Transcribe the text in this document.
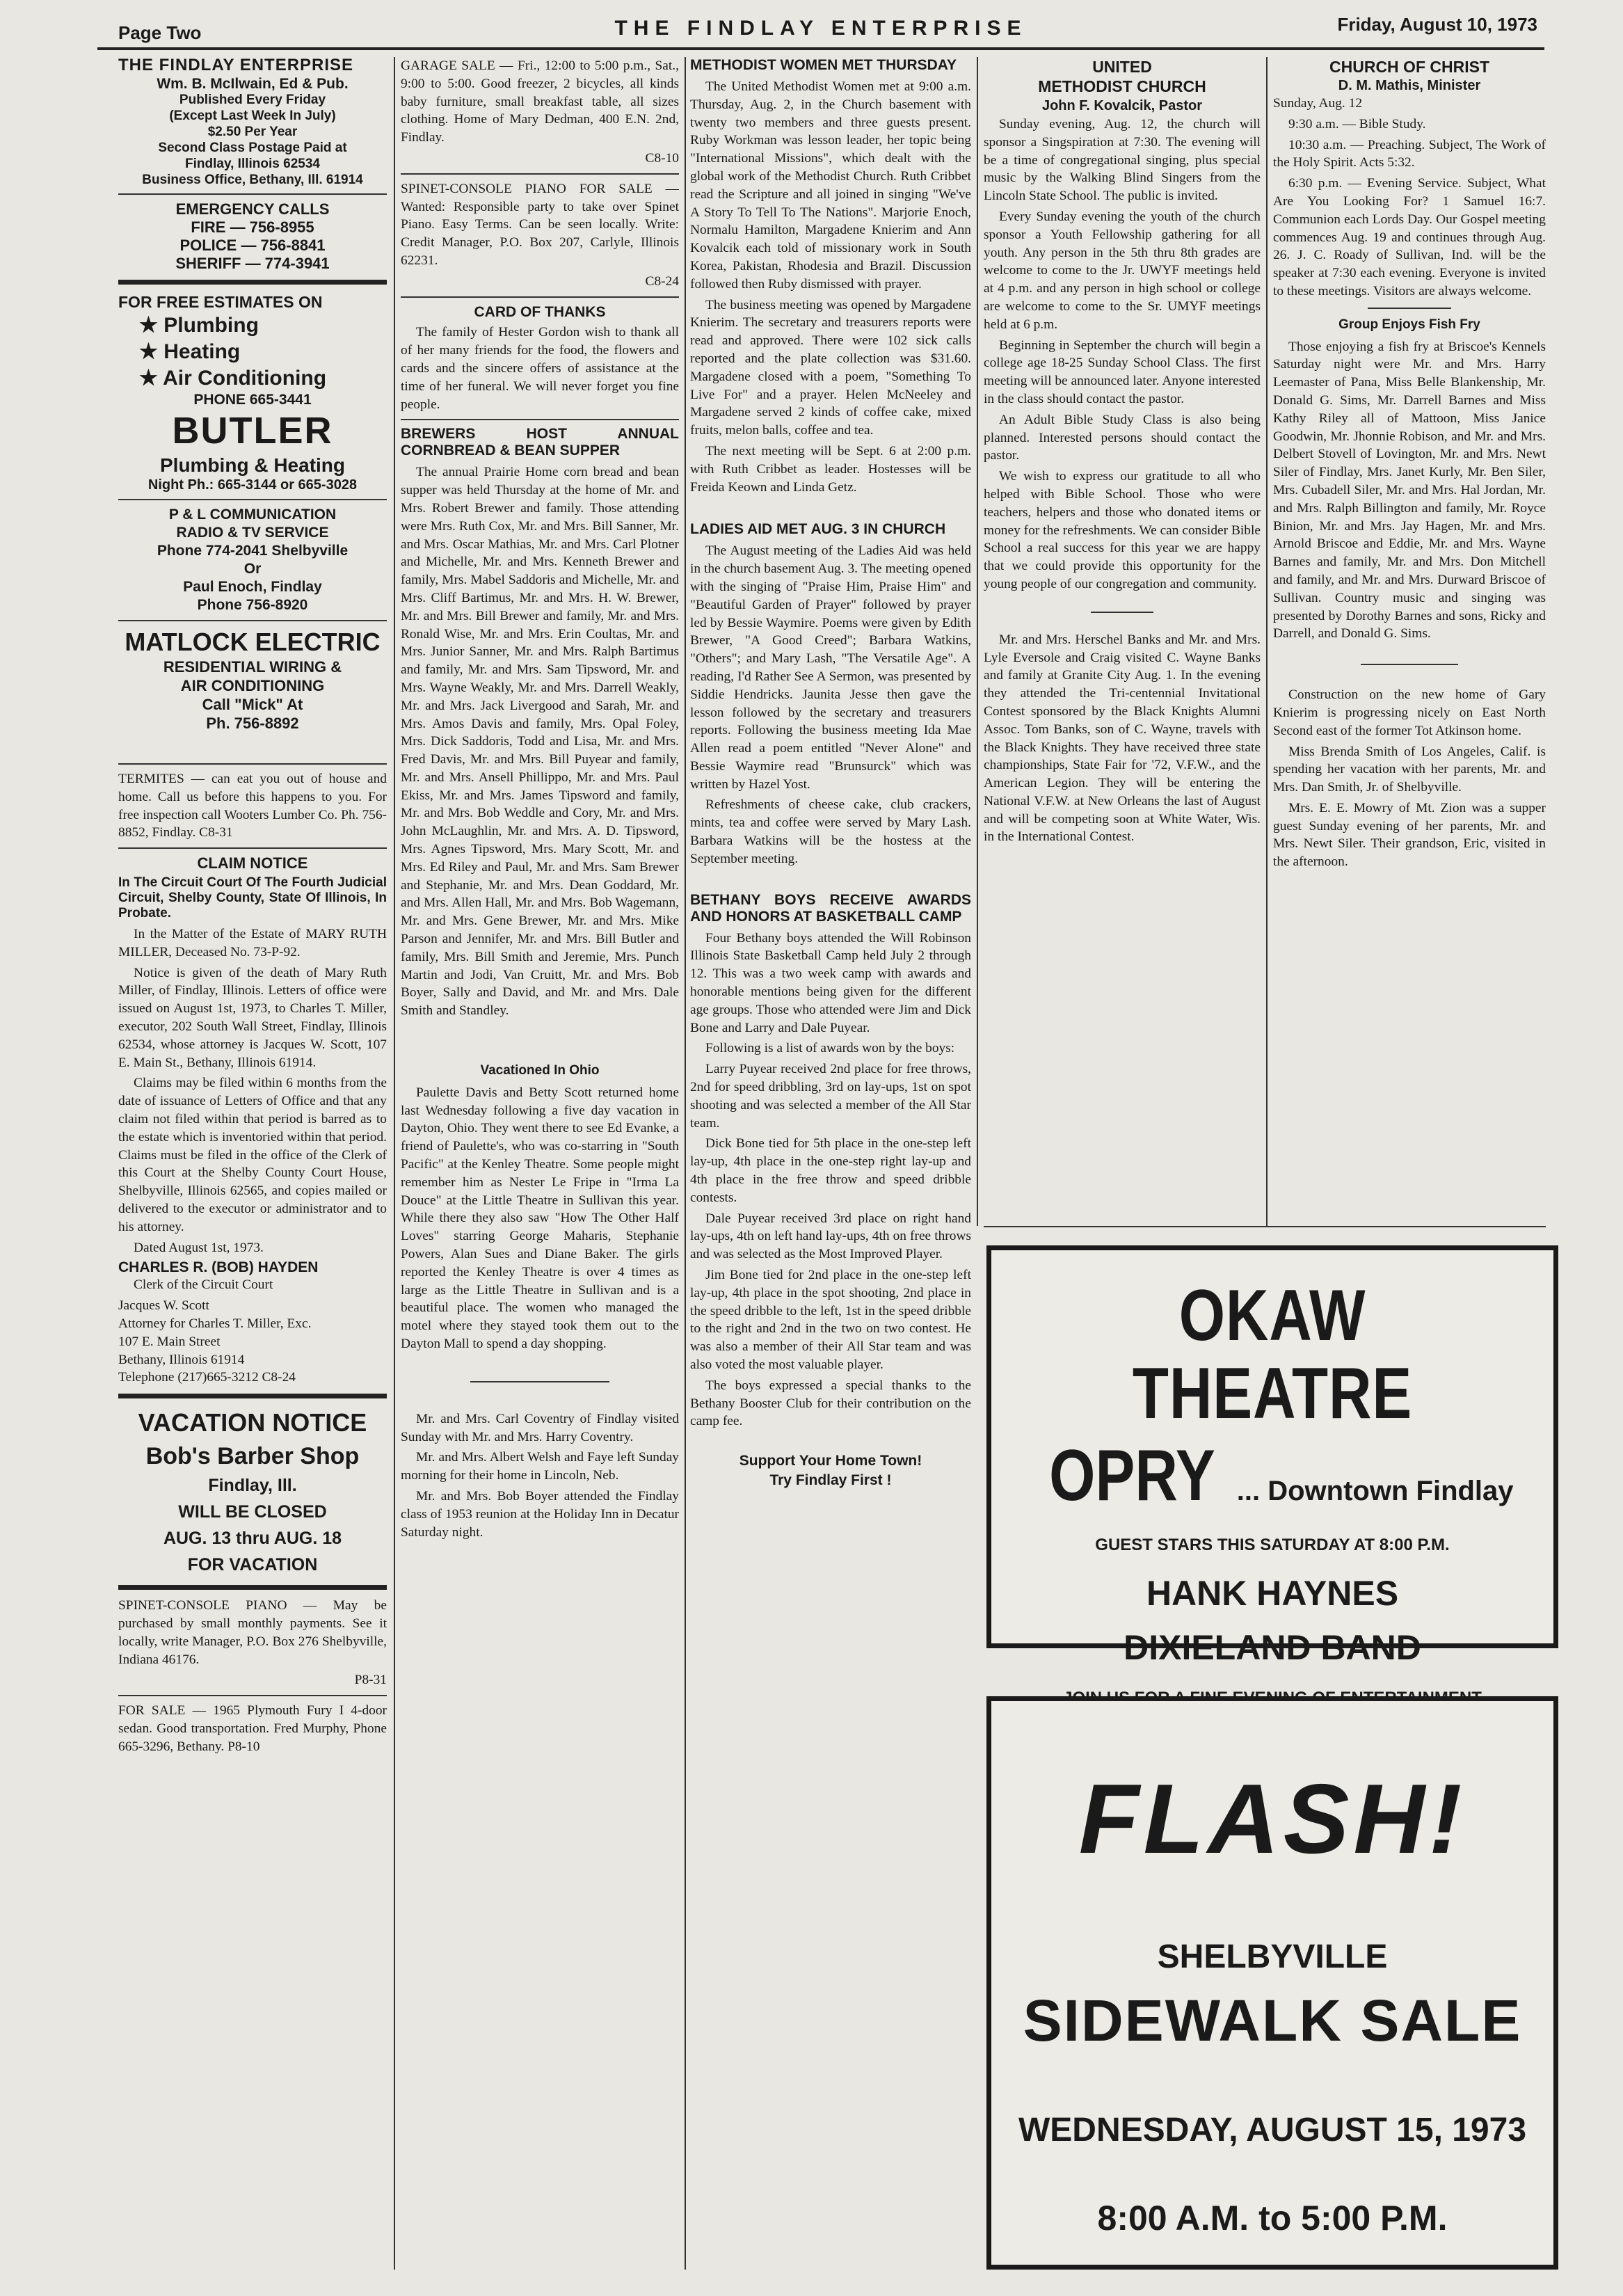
Page Two	THE FINDLAY ENTERPRISE	Friday, August 10, 1973
THE FINDLAY ENTERPRISE
Wm. B. McIlwain, Ed & Pub.
Published Every Friday
(Except Last Week In July)
$2.50 Per Year
Second Class Postage Paid at
Findlay, Illinois 62534
Business Office, Bethany, Ill. 61914
EMERGENCY CALLS
FIRE — 756-8955
POLICE — 756-8841
SHERIFF — 774-3941
FOR FREE ESTIMATES ON
★ Plumbing
★ Heating
★ Air Conditioning
PHONE 665-3441
BUTLER
Plumbing & Heating
Night Ph.: 665-3144 or 665-3028
P & L COMMUNICATION
RADIO & TV SERVICE
Phone 774-2041 Shelbyville
Or
Paul Enoch, Findlay
Phone 756-8920
MATLOCK ELECTRIC
RESIDENTIAL WIRING &
AIR CONDITIONING
Call "Mick" At
Ph. 756-8892

TERMITES — can eat you out of house and home. Call us before this happens to you. For free inspection call Wooters Lumber Co. Ph. 756-8852, Findlay. C8-31

CLAIM NOTICE
In The Circuit Court Of The Fourth Judicial Circuit, Shelby County, State Of Illinois, In Probate.

In the Matter of the Estate of MARY RUTH MILLER, Deceased No. 73-P-92.

Notice is given of the death of Mary Ruth Miller, of Findlay, Illinois. Letters of office were issued on August 1st, 1973, to Charles T. Miller, executor, 202 South Wall Street, Findlay, Illinois 62534, whose attorney is Jacques W. Scott, 107 E. Main St., Bethany, Illinois 61914.

Claims may be filed within 6 months from the date of issuance of Letters of Office and that any claim not filed within that period is barred as to the estate which is inventoried within that period. Claims must be filed in the office of the Clerk of this Court at the Shelby County Court House, Shelbyville, Illinois 62565, and copies mailed or delivered to the executor or administrator and to his attorney.

Dated August 1st, 1973.

CHARLES R. (BOB) HAYDEN

Clerk of the Circuit Court

Jacques W. Scott

Attorney for Charles T. Miller, Exc.

107 E. Main Street

Bethany, Illinois 61914

Telephone (217)665-3212 C8-24

VACATION NOTICE
Bob's Barber Shop
Findlay, Ill.
WILL BE CLOSED
AUG. 13 thru AUG. 18
FOR VACATION

SPINET-CONSOLE PIANO — May be purchased by small monthly payments. See it locally, write Manager, P.O. Box 276 Shelbyville, Indiana 46176.

P8-31

FOR SALE — 1965 Plymouth Fury I 4-door sedan. Good transportation. Fred Murphy, Phone 665-3296, Bethany. P8-10

GARAGE SALE — Fri., 12:00 to 5:00 p.m., Sat., 9:00 to 5:00. Good freezer, 2 bicycles, all kinds baby furniture, small breakfast table, all sizes clothing. Home of Mary Dedman, 400 E.N. 2nd, Findlay.

C8-10

SPINET-CONSOLE PIANO FOR SALE — Wanted: Responsible party to take over Spinet Piano. Easy Terms. Can be seen locally. Write: Credit Manager, P.O. Box 207, Carlyle, Illinois 62231.

C8-24
CARD OF THANKS

The family of Hester Gordon wish to thank all of her many friends for the food, the flowers and cards and the sincere offers of assistance at the time of her funeral. We will never forget you fine people.

BREWERS HOST ANNUAL CORNBREAD & BEAN SUPPER

The annual Prairie Home corn bread and bean supper was held Thursday at the home of Mr. and Mrs. Robert Brewer and family. Those attending were Mrs. Ruth Cox, Mr. and Mrs. Bill Sanner, Mr. and Mrs. Oscar Mathias, Mr. and Mrs. Carl Plotner and Michelle, Mr. and Mrs. Kenneth Brewer and family, Mrs. Mabel Saddoris and Michelle, Mr. and Mrs. Cliff Bartimus, Mr. and Mrs. H. W. Brewer, Mr. and Mrs. Bill Brewer and family, Mr. and Mrs. Ronald Wise, Mr. and Mrs. Erin Coultas, Mr. and Mrs. Junior Sanner, Mr. and Mrs. Ralph Bartimus and family, Mr. and Mrs. Sam Tipsword, Mr. and Mrs. Wayne Weakly, Mr. and Mrs. Darrell Weakly, Mr. and Mrs. Jack Livergood and Sarah, Mr. and Mrs. Amos Davis and family, Mrs. Opal Foley, Mrs. Dick Saddoris, Todd and Lisa, Mr. and Mrs. Fred Davis, Mr. and Mrs. Bill Puyear and family, Mr. and Mrs. Ansell Phillippo, Mr. and Mrs. Paul Ekiss, Mr. and Mrs. James Tipsword and family, Mr. and Mrs. Bob Weddle and Cory, Mr. and Mrs. John McLaughlin, Mr. and Mrs. A. D. Tipsword, Mrs. Agnes Tipsword, Mrs. Mary Scott, Mr. and Mrs. Ed Riley and Paul, Mr. and Mrs. Sam Brewer and Stephanie, Mr. and Mrs. Dean Goddard, Mr. and Mrs. Allen Hall, Mr. and Mrs. Bob Wagemann, Mr. and Mrs. Gene Brewer, Mr. and Mrs. Mike Parson and Jennifer, Mr. and Mrs. Bill Butler and family, Mrs. Bill Smith and Jeremie, Mrs. Punch Martin and Jodi, Van Cruitt, Mr. and Mrs. Bob Boyer, Sally and David, and Mr. and Mrs. Dale Smith and Standley.

Vacationed In Ohio

Paulette Davis and Betty Scott returned home last Wednesday following a five day vacation in Dayton, Ohio. They went there to see Ed Evanke, a friend of Paulette's, who was co-starring in "South Pacific" at the Kenley Theatre. Some people might remember him as Nester Le Fripe in "Irma La Douce" at the Little Theatre in Sullivan this year. While there they also saw "How The Other Half Loves" starring George Maharis, Stephanie Powers, Alan Sues and Diane Baker. The girls reported the Kenley Theatre is over 4 times as large as the Little Theatre in Sullivan and is a beautiful place. The women who managed the motel where they stayed took them out to the Dayton Mall to spend a day shopping.

Mr. and Mrs. Carl Coventry of Findlay visited Sunday with Mr. and Mrs. Harry Coventry.

Mr. and Mrs. Albert Welsh and Faye left Sunday morning for their home in Lincoln, Neb.

Mr. and Mrs. Bob Boyer attended the Findlay class of 1953 reunion at the Holiday Inn in Decatur Saturday night.

METHODIST WOMEN MET THURSDAY

The United Methodist Women met at 9:00 a.m. Thursday, Aug. 2, in the Church basement with twenty two members and three guests present. Ruby Workman was lesson leader, her topic being "International Missions", which dealt with the global work of the Methodist Church. Ruth Cribbet read the Scripture and all joined in singing "We've A Story To Tell To The Nations". Marjorie Enoch, Normalu Hamilton, Margadene Knierim and Ann Kovalcik each told of missionary work in South Korea, Pakistan, Rhodesia and Brazil. Discussion followed then Ruby dismissed with prayer.

The business meeting was opened by Margadene Knierim. The secretary and treasurers reports were read and approved. There were 102 sick calls reported and the plate collection was $31.60. Margadene closed with a poem, "Something To Live For" and a prayer. Helen McNeeley and Margadene served 2 kinds of coffee cake, mixed fruits, melon balls, coffee and tea.

The next meeting will be Sept. 6 at 2:00 p.m. with Ruth Cribbet as leader. Hostesses will be Freida Keown and Linda Getz.

LADIES AID MET AUG. 3 IN CHURCH

The August meeting of the Ladies Aid was held in the church basement Aug. 3. The meeting opened with the singing of "Praise Him, Praise Him" and "Beautiful Garden of Prayer" followed by prayer led by Bessie Waymire. Poems were given by Edith Brewer, "A Good Creed"; Barbara Watkins, "Others"; and Mary Lash, "The Versatile Age". A reading, I'd Rather See A Sermon, was presented by Siddie Hendricks. Jaunita Jesse then gave the lesson followed by the secretary and treasurers reports. Following the business meeting Ida Mae Allen read a poem entitled "Never Alone" and Bessie Waymire read "Brunsurck" which was written by Hazel Yost.

Refreshments of cheese cake, club crackers, mints, tea and coffee were served by Mary Lash. Barbara Watkins will be the hostess at the September meeting.

BETHANY BOYS RECEIVE AWARDS AND HONORS AT BASKETBALL CAMP

Four Bethany boys attended the Will Robinson Illinois State Basketball Camp held July 2 through 12. This was a two week camp with awards and honorable mentions being given for the different age groups. Those who attended were Jim and Dick Bone and Larry and Dale Puyear.

Following is a list of awards won by the boys:

Larry Puyear received 2nd place for free throws, 2nd for speed dribbling, 3rd on lay-ups, 1st on spot shooting and was selected a member of the All Star team.

Dick Bone tied for 5th place in the one-step left lay-up, 4th place in the one-step right lay-up and 4th place in the free throw and speed dribble contests.

Dale Puyear received 3rd place on right hand lay-ups, 4th on left hand lay-ups, 4th on free throws and was selected as the Most Improved Player.

Jim Bone tied for 2nd place in the one-step left lay-up, 4th place in the spot shooting, 2nd place in the speed dribble to the left, 1st in the speed dribble to the right and 2nd in the two on two contest. He was also a member of their All Star team and was also voted the most valuable player.

The boys expressed a special thanks to the Bethany Booster Club for their contribution on the camp fee.

Support Your Home Town!
Try Findlay First !
UNITED
METHODIST CHURCH
John F. Kovalcik, Pastor

Sunday evening, Aug. 12, the church will sponsor a Singspiration at 7:30. The evening will be a time of congregational singing, plus special music by the Walking Blind Singers from the Lincoln State School. The public is invited.

Every Sunday evening the youth of the church sponsor a Youth Fellowship gathering for all youth. Any person in the 5th thru 8th grades are welcome to come to the Jr. UWYF meetings held at 4 p.m. and any person in high school or college are welcome to come to the Sr. UMYF meetings held at 6 p.m.

Beginning in September the church will begin a college age 18-25 Sunday School Class. The first meeting will be announced later. Anyone interested in the class should contact the pastor.

An Adult Bible Study Class is also being planned. Interested persons should contact the pastor.

We wish to express our gratitude to all who helped with Bible School. Those who were teachers, helpers and those who donated items or money for the refreshments. We can consider Bible School a real success for this year we are happy that we could provide this opportunity for the young people of our congregation and community.

Mr. and Mrs. Herschel Banks and Mr. and Mrs. Lyle Eversole and Craig visited C. Wayne Banks and family at Granite City Aug. 1. In the evening they attended the Tri-centennial Invitational Contest sponsored by the Black Knights Alumni Assoc. Tom Banks, son of C. Wayne, travels with the Black Knights. They have received three state championships, State Fair for '72, V.F.W., and the American Legion. They will be entering the National V.F.W. at New Orleans the last of August and will be competing soon at White Water, Wis. in the International Contest.

CHURCH OF CHRIST
D. M. Mathis, Minister

Sunday, Aug. 12

9:30 a.m. — Bible Study.

10:30 a.m. — Preaching. Subject, The Work of the Holy Spirit. Acts 5:32.

6:30 p.m. — Evening Service. Subject, What Are You Looking For? 1 Samuel 16:7. Communion each Lords Day. Our Gospel meeting commences Aug. 19 and continues through Aug. 26. J. C. Roady of Sullivan, Ind. will be the speaker at 7:30 each evening. Everyone is invited to these meetings. Visitors are always welcome.

Group Enjoys Fish Fry

Those enjoying a fish fry at Briscoe's Kennels Saturday night were Mr. and Mrs. Harry Leemaster of Pana, Miss Belle Blankenship, Mr. Donald G. Sims, Mr. Darrell Barnes and Miss Kathy Riley all of Mattoon, Miss Janice Goodwin, Mr. Jhonnie Robison, and Mr. and Mrs. Delbert Stovell of Lovington, Mr. and Mrs. Newt Siler of Findlay, Mrs. Janet Kurly, Mr. Ben Siler, Mrs. Cubadell Siler, Mr. and Mrs. Hal Jordan, Mr. and Mrs. Ralph Billington and family, Mr. Royce Binion, Mr. and Mrs. Jay Hagen, Mr. and Mrs. Arnold Briscoe and Eddie, Mr. and Mrs. Wayne Barnes and family, Mr. and Mrs. Don Mitchell and family, and Mr. and Mrs. Durward Briscoe of Sullivan. Country music and singing was presented by Dorothy Barnes and sons, Ricky and Darrell, and Donald G. Sims.

Construction on the new home of Gary Knierim is progressing nicely on East North Second east of the former Tot Atkinson home.

Miss Brenda Smith of Los Angeles, Calif. is spending her vacation with her parents, Mr. and Mrs. Dan Smith, Jr. of Shelbyville.

Mrs. E. E. Mowry of Mt. Zion was a supper guest Sunday evening of her parents, Mr. and Mrs. Newt Siler. Their grandson, Eric, visited in the afternoon.

OKAW THEATRE
OPRY ... Downtown Findlay
GUEST STARS THIS SATURDAY AT 8:00 P.M.
HANK HAYNES
DIXIELAND BAND
FLASH!
SHELBYVILLE
SIDEWALK SALE
WEDNESDAY, AUGUST 15, 1973
8:00 A.M. to 5:00 P.M.
